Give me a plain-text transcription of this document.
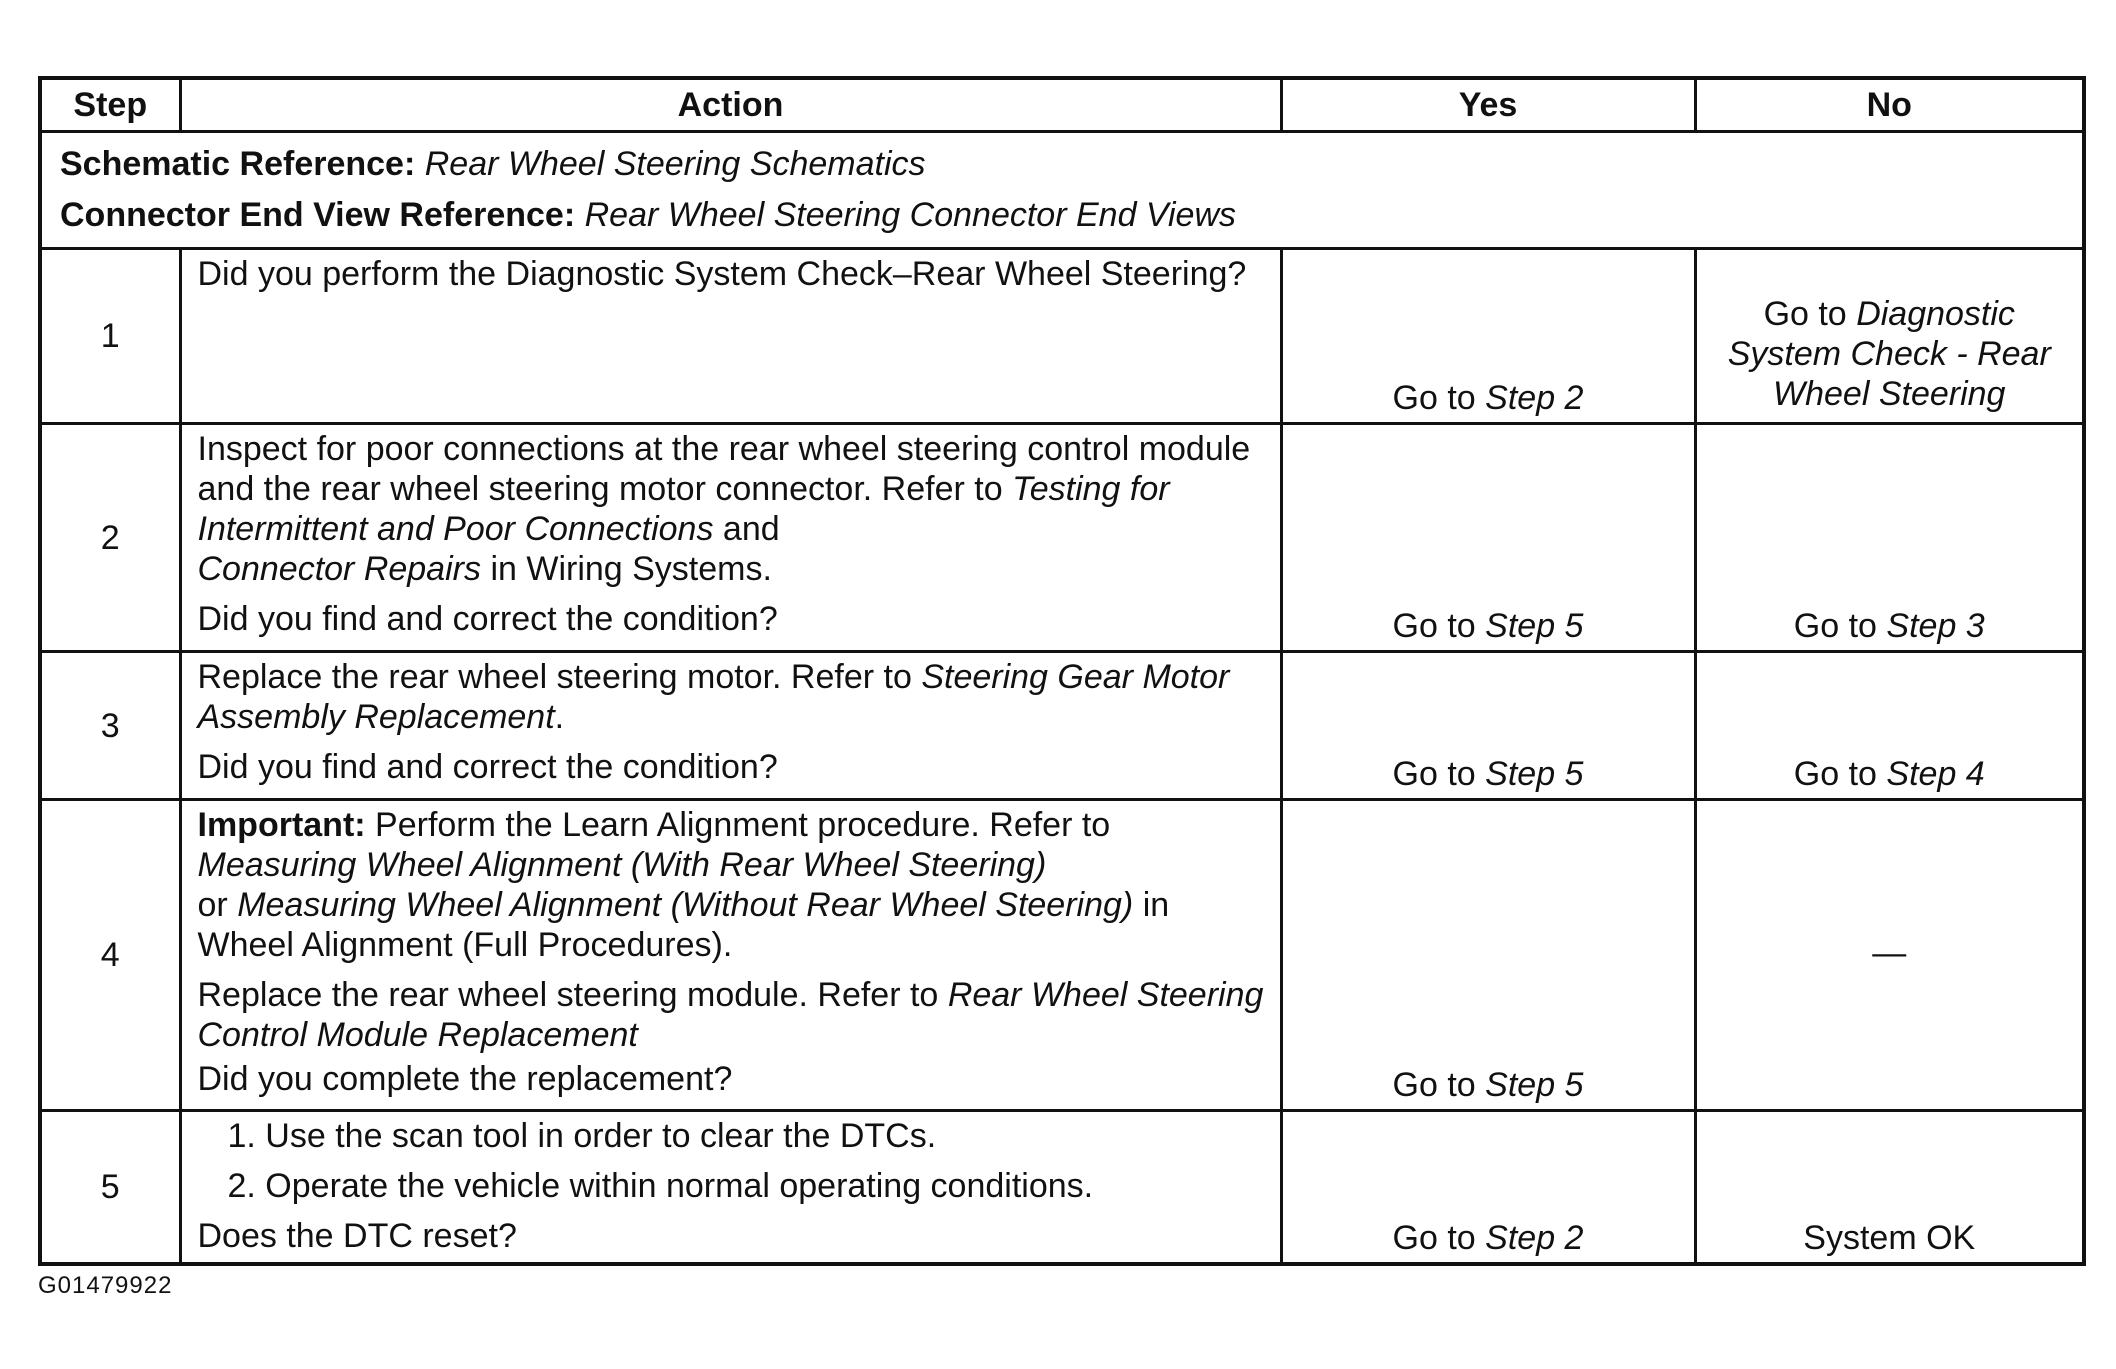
Step	Action	Yes	No

Schematic Reference: Rear Wheel Steering Schematics
Connector End View Reference: Rear Wheel Steering Connector End Views			

1	Did you perform the Diagnostic System Check–Rear Wheel Steering?	Go to Step 2	Go to Diagnostic
System Check - Rear
Wheel Steering

2	Inspect for poor connections at the rear wheel steering control module and the rear wheel steering motor connector. Refer to Testing for Intermittent and Poor Connections and
Connector Repairs in Wiring Systems.

Did you find and correct the condition?	Go to Step 5	Go to Step 3
3	Replace the rear wheel steering motor. Refer to Steering Gear Motor Assembly Replacement.

Did you find and correct the condition?	Go to Step 5	Go to Step 4
4	Important: Perform the Learn Alignment procedure. Refer to
Measuring Wheel Alignment (With Rear Wheel Steering)
or Measuring Wheel Alignment (Without Rear Wheel Steering) in Wheel Alignment (Full Procedures).

Replace the rear wheel steering module. Refer to Rear Wheel Steering Control Module Replacement

Did you complete the replacement?	Go to Step 5	—
5	1. Use the scan tool in order to clear the DTCs.

2. Operate the vehicle within normal operating conditions.

Does the DTC reset?	Go to Step 2	System OK
G01479922
